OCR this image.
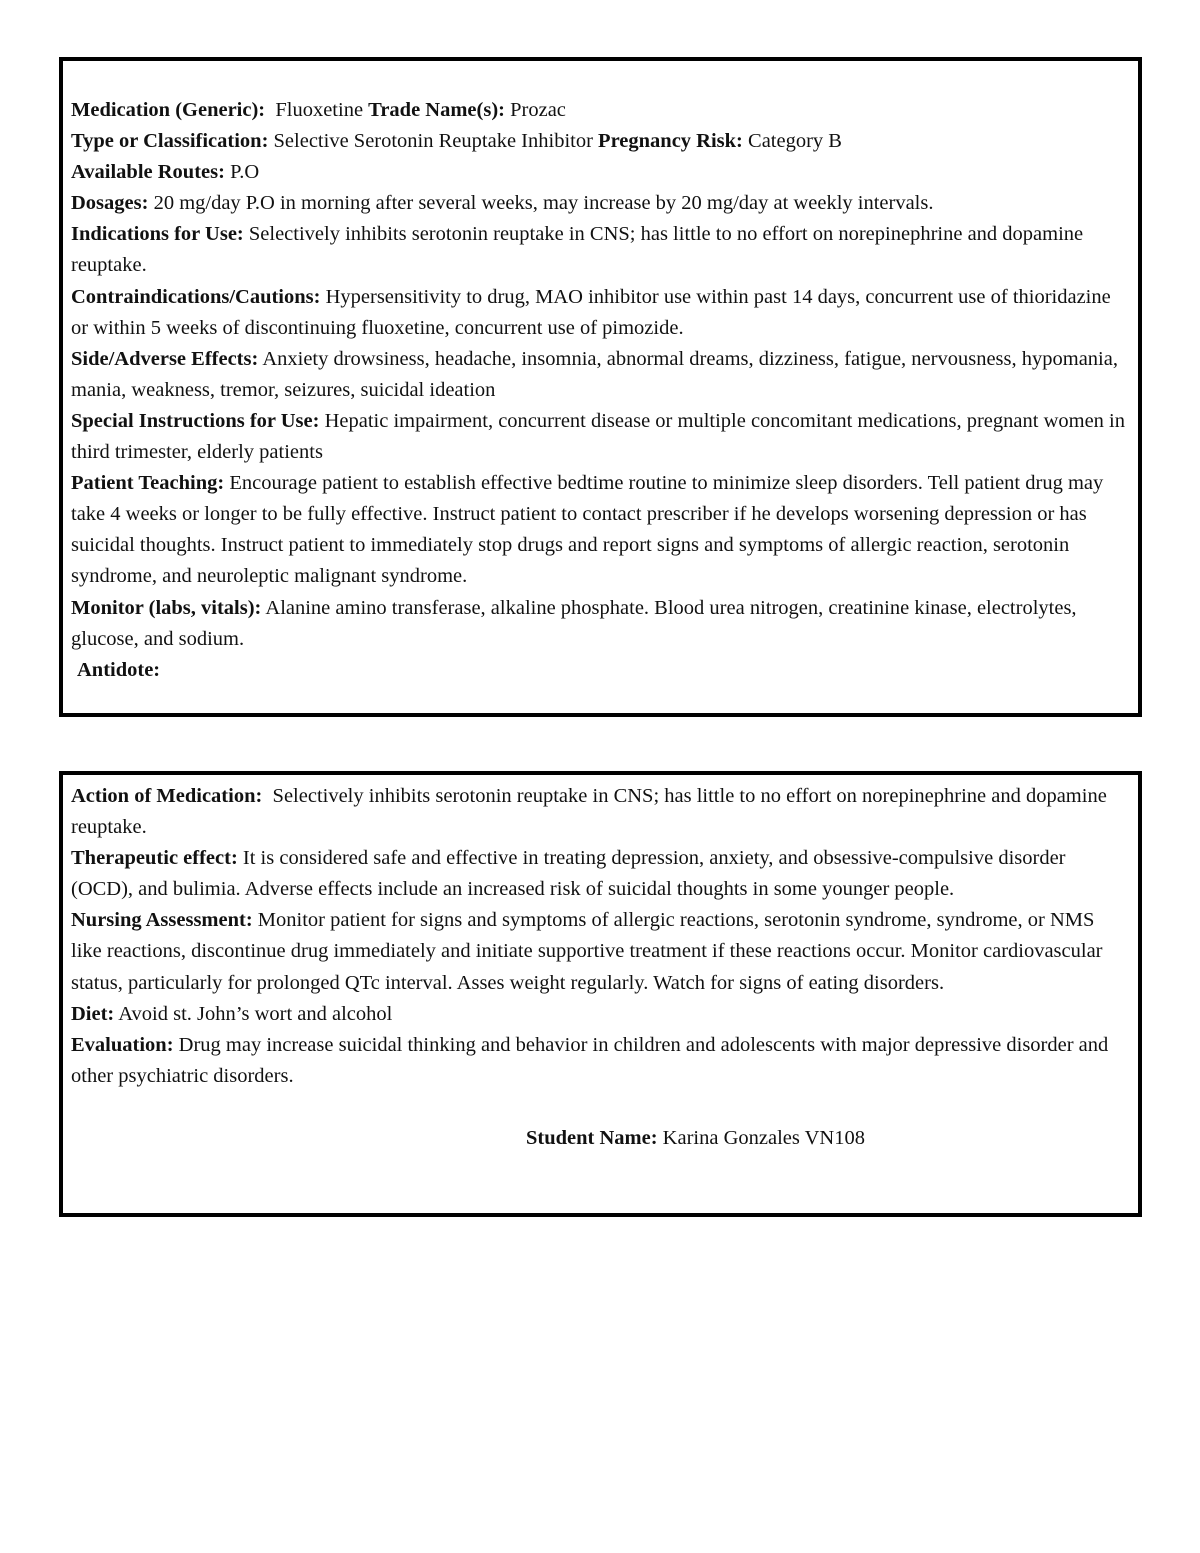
Medication (Generic): Fluoxetine Trade Name(s): Prozac

Type or Classification: Selective Serotonin Reuptake Inhibitor Pregnancy Risk: Category B

Available Routes: P.O

Dosages: 20 mg/day P.O in morning after several weeks, may increase by 20 mg/day at weekly intervals.

Indications for Use: Selectively inhibits serotonin reuptake in CNS; has little to no effort on norepinephrine and dopamine reuptake.

Contraindications/Cautions: Hypersensitivity to drug, MAO inhibitor use within past 14 days, concurrent use of thioridazine or within 5 weeks of discontinuing fluoxetine, concurrent use of pimozide.

Side/Adverse Effects: Anxiety drowsiness, headache, insomnia, abnormal dreams, dizziness, fatigue, nervousness, hypomania, mania, weakness, tremor, seizures, suicidal ideation

Special Instructions for Use: Hepatic impairment, concurrent disease or multiple concomitant medications, pregnant women in third trimester, elderly patients

Patient Teaching: Encourage patient to establish effective bedtime routine to minimize sleep disorders. Tell patient drug may take 4 weeks or longer to be fully effective. Instruct patient to contact prescriber if he develops worsening depression or has suicidal thoughts. Instruct patient to immediately stop drugs and report signs and symptoms of allergic reaction, serotonin syndrome, and neuroleptic malignant syndrome.

Monitor (labs, vitals): Alanine amino transferase, alkaline phosphate. Blood urea nitrogen, creatinine kinase, electrolytes, glucose, and sodium.

Antidote:

Action of Medication: Selectively inhibits serotonin reuptake in CNS; has little to no effort on norepinephrine and dopamine reuptake.

Therapeutic effect: It is considered safe and effective in treating depression, anxiety, and obsessive-compulsive disorder (OCD), and bulimia. Adverse effects include an increased risk of suicidal thoughts in some younger people.

Nursing Assessment: Monitor patient for signs and symptoms of allergic reactions, serotonin syndrome, syndrome, or NMS like reactions, discontinue drug immediately and initiate supportive treatment if these reactions occur. Monitor cardiovascular status, particularly for prolonged QTc interval. Asses weight regularly. Watch for signs of eating disorders.

Diet: Avoid st. John’s wort and alcohol

Evaluation: Drug may increase suicidal thinking and behavior in children and adolescents with major depressive disorder and other psychiatric disorders.

Student Name: Karina Gonzales VN108
